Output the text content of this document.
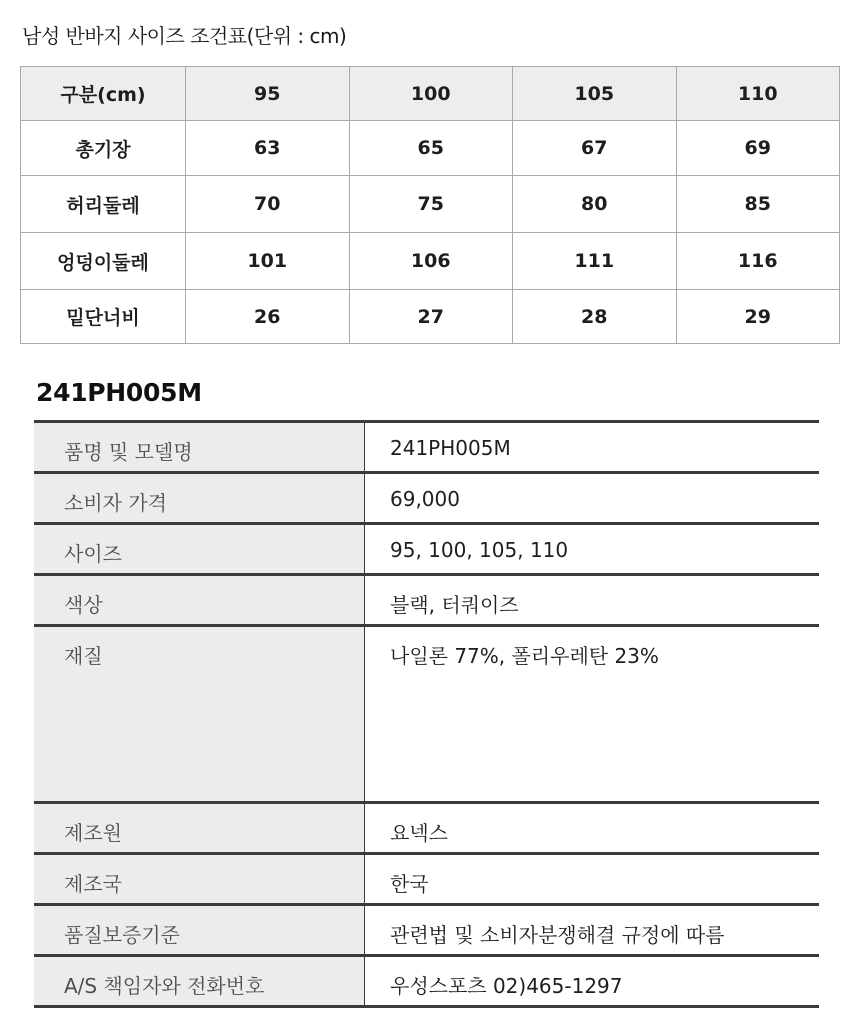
남성 반바지 사이즈 조건표(단위 : cm)
구분(cm)	95	100	105	110
총기장	63	65	67	69
허리둘레	70	75	80	85
엉덩이둘레	101	106	111	116
밑단너비	26	27	28	29
241PH005M
품명 및 모델명	241PH005M
소비자 가격	69,000
사이즈	95, 100, 105, 110
색상	블랙, 터쿼이즈
재질	나일론 77%, 폴리우레탄 23%
제조원	요넥스
제조국	한국
품질보증기준	관련법 및 소비자분쟁해결 규정에 따름
A/S 책임자와 전화번호	우성스포츠 02)465-1297
